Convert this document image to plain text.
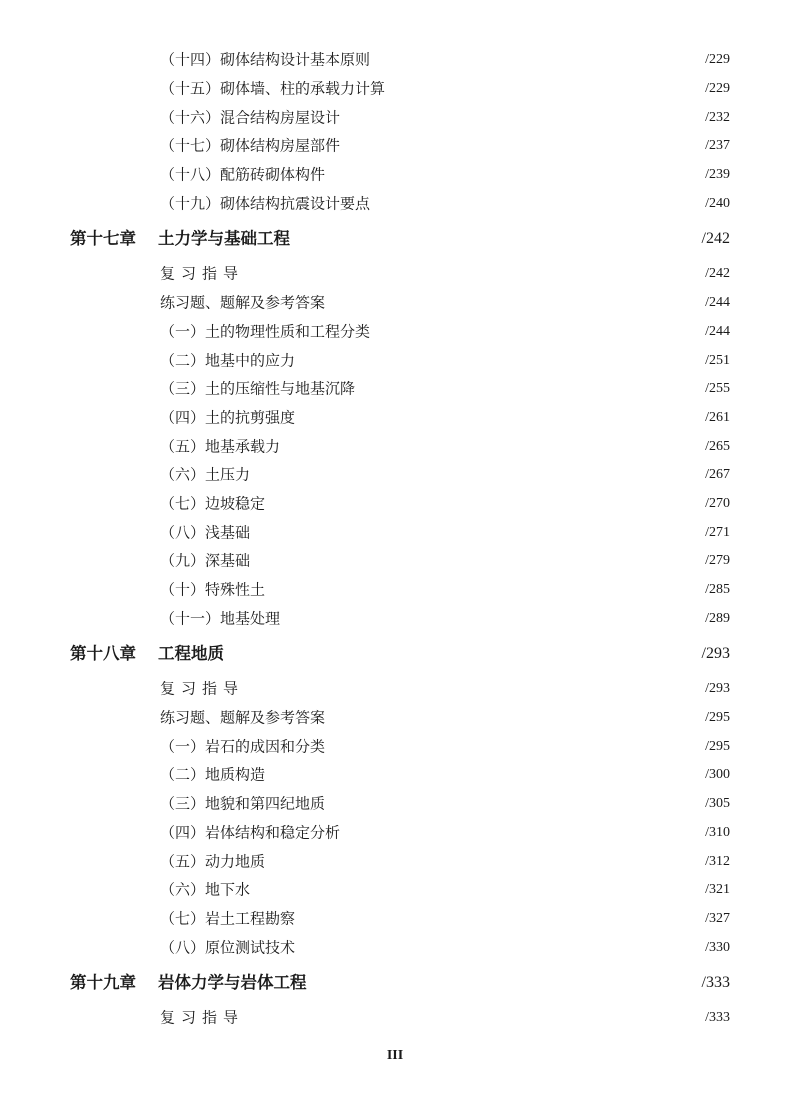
（十四）砌体结构设计基本原则	/229
（十五）砌体墙、柱的承载力计算	/229
（十六）混合结构房屋设计	/232
（十七）砌体结构房屋部件	/237
（十八）配筋砖砌体构件	/239
（十九）砌体结构抗震设计要点	/240
第十七章 土力学与基础工程	/242
复习指导	/242
练习题、题解及参考答案	/244
（一）土的物理性质和工程分类	/244
（二）地基中的应力	/251
（三）土的压缩性与地基沉降	/255
（四）土的抗剪强度	/261
（五）地基承载力	/265
（六）土压力	/267
（七）边坡稳定	/270
（八）浅基础	/271
（九）深基础	/279
（十）特殊性土	/285
（十一）地基处理	/289
第十八章 工程地质	/293
复习指导	/293
练习题、题解及参考答案	/295
（一）岩石的成因和分类	/295
（二）地质构造	/300
（三）地貌和第四纪地质	/305
（四）岩体结构和稳定分析	/310
（五）动力地质	/312
（六）地下水	/321
（七）岩土工程勘察	/327
（八）原位测试技术	/330
第十九章 岩体力学与岩体工程	/333
复习指导	/333
III
